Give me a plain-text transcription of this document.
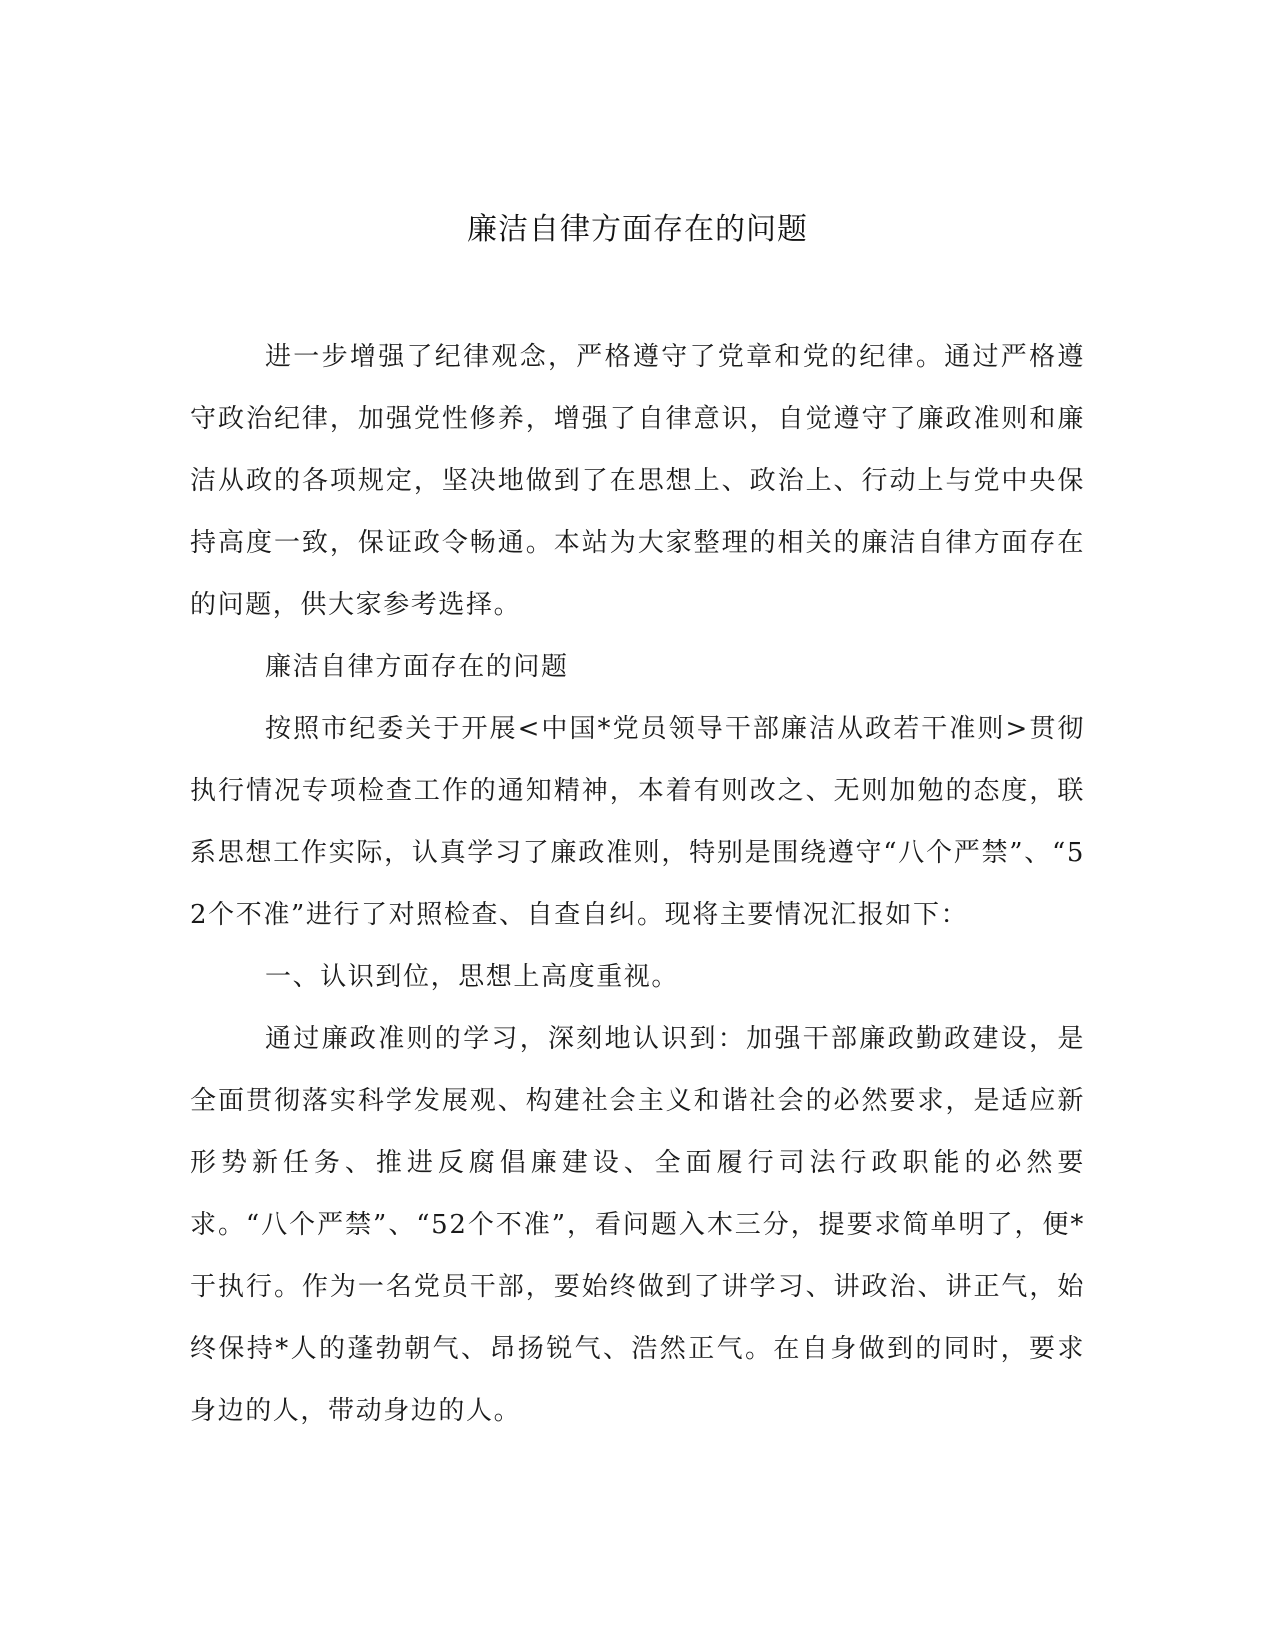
廉洁自律方面存在的问题

进一步增强了纪律观念，严格遵守了党章和党的纪律。通过严格遵守政治纪律，加强党性修养，增强了自律意识，自觉遵守了廉政准则和廉洁从政的各项规定，坚决地做到了在思想上、政治上、行动上与党中央保持高度一致，保证政令畅通。本站为大家整理的相关的廉洁自律方面存在的问题，供大家参考选择。

廉洁自律方面存在的问题

按照市纪委关于开展<中国*党员领导干部廉洁从政若干准则>贯彻执行情况专项检查工作的通知精神，本着有则改之、无则加勉的态度，联系思想工作实际，认真学习了廉政准则，特别是围绕遵守“八个严禁”、“52个不准”进行了对照检查、自查自纠。现将主要情况汇报如下：

一、认识到位，思想上高度重视。

通过廉政准则的学习，深刻地认识到：加强干部廉政勤政建设，是全面贯彻落实科学发展观、构建社会主义和谐社会的必然要求，是适应新形势新任务、推进反腐倡廉建设、全面履行司法行政职能的必然要求。“八个严禁”、“52个不准”，看问题入木三分，提要求简单明了，便*于执行。作为一名党员干部，要始终做到了讲学习、讲政治、讲正气，始终保持*人的蓬勃朝气、昂扬锐气、浩然正气。在自身做到的同时，要求身边的人，带动身边的人。
